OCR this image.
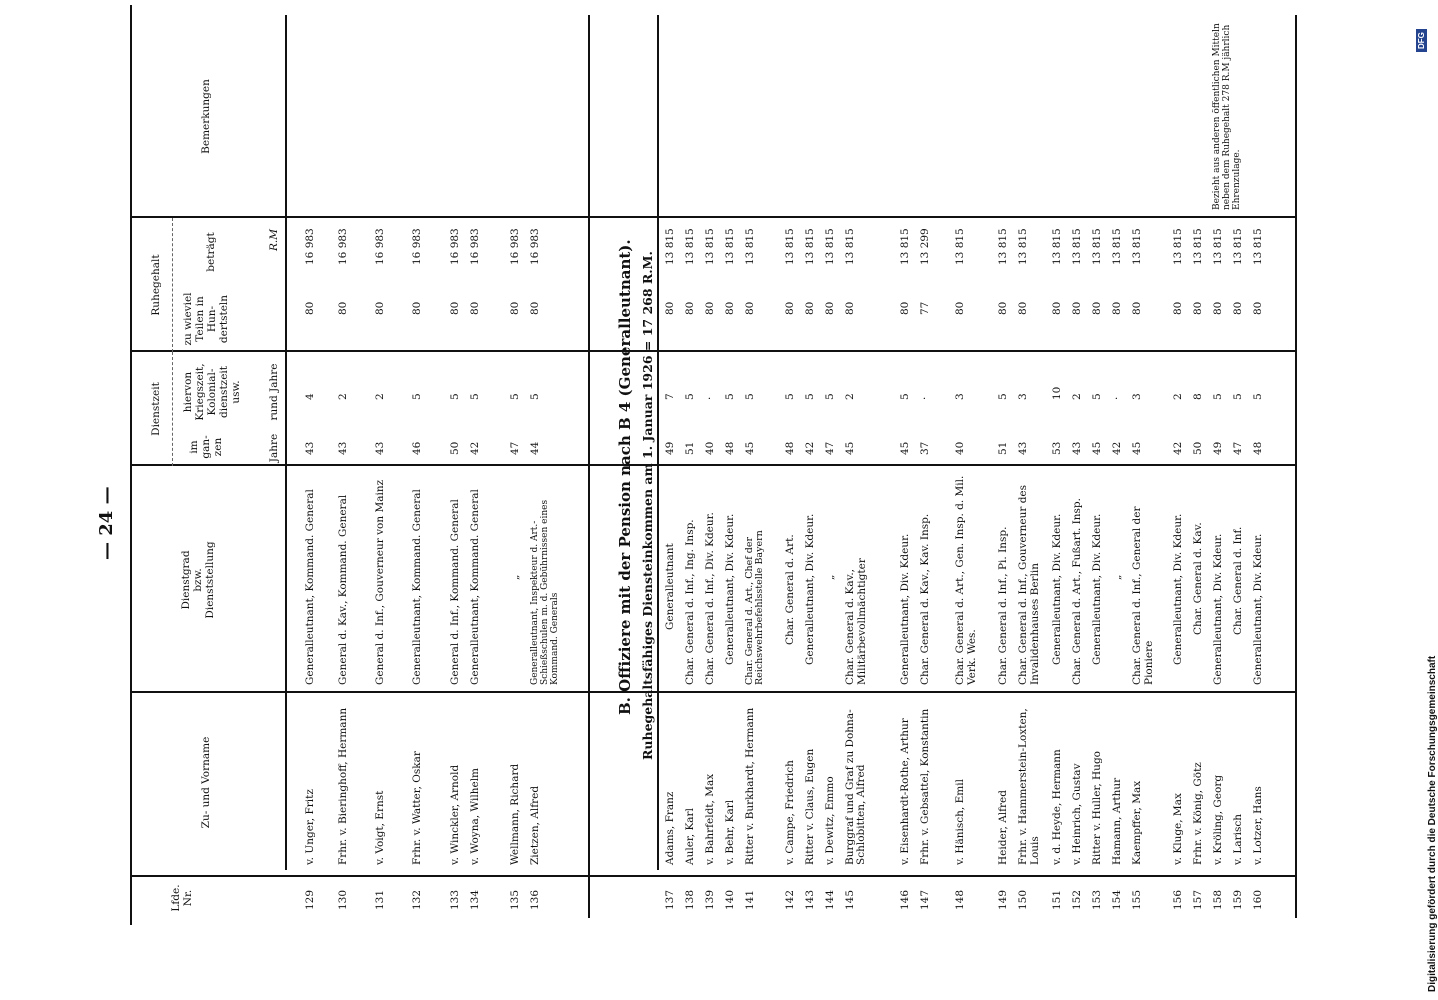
— 24 —
Lfde. Nr.
Zu- und Vorname
Dienstgrad bzw. Dienststellung
Dienstzeit
im gan- zen
hiervon Kriegszeit, Kolonial- dienstzeit usw.
Jahre
rund Jahre
Ruhegehalt
zu wieviel Teilen in Hun- dertsteln
beträgt	R.M
Bemerkungen
129
v. Unger, Fritz
Generalleutnant, Kommand. General
43
4
80
16 983
130
Frhr. v. Bieringhoff, Hermann
General d. Kav., Kommand. General
43
2
80
16 983
131
v. Voigt, Ernst
General d. Inf., Gouverneur von Mainz
43
2
80
16 983
132
Frhr. v. Watter, Oskar
Generalleutnant, Kommand. General
46
5
80
16 983
133
v. Winckler, Arnold
General d. Inf., Kommand. General
50
5
80
16 983
134
v. Woyna, Wilhelm
Generalleutnant, Kommand. General
42
5
80
16 983
135
Wellmann, Richard
„
47
5
80
16 983
136
Zietzen, Alfred
Generalleutnant, Inspekteur d. Art.-Schießschulen m. d. Gebührnissen eines Kommand. Generals
44
5
80
16 983	B. Offiziere mit der Pension nach B 4 (Generalleutnant). Ruhegehaltsfähiges Diensteinkommen am 1. Januar 1926 = 17 268 R.M.
137
Adams, Franz
Generalleutnant
49
7
80
13 815
138
Auler, Karl
Char. General d. Inf., Ing. Insp.
51
5
80
13 815
139
v. Bahrfeldt, Max
Char. General d. Inf., Div. Kdeur.
40
·
80
13 815
140
v. Behr, Karl
Generalleutnant, Div. Kdeur.
48
5
80
13 815
141
Ritter v. Burkhardt, Hermann
Char. General d. Art., Chef der Reichswehrbefehlsstelle Bayern
45
5
80
13 815
142
v. Campe, Friedrich
Char. General d. Art.
48
5
80
13 815
143
Ritter v. Claus, Eugen
Generalleutnant, Div. Kdeur.
42
5
80
13 815
144
v. Dewitz, Emmo
„
47
5
80
13 815
145
Burggraf und Graf zu Dohna-Schlobitten, Alfred
Char. General d. Kav., Militärbevollmächtigter
45
2
80
13 815
146
v. Eisenhardt-Rothe, Arthur
Generalleutnant, Div. Kdeur.
45
5
80
13 815
147
Frhr. v. Gebsattel, Konstantin
Char. General d. Kav., Kav. Insp.
37
·
77
13 299
148
v. Hänisch, Emil
Char. General d. Art., Gen. Insp. d. Mil. Verk. Wes.
40
3
80
13 815
149
Heider, Alfred
Char. General d. Inf., Pi. Insp.
51
5
80
13 815
150
Frhr. v. Hammerstein-Loxten, Louis
Char. General d. Inf., Gouverneur des Invalidenhauses Berlin
43
3
80
13 815
151
v. d. Heyde, Hermann
Generalleutnant, Div. Kdeur.
53
10
80
13 815
152
v. Heinrich, Gustav
Char. General d. Art., Fußart. Insp.
43
2
80
13 815
153
Ritter v. Huller, Hugo
Generalleutnant, Div. Kdeur.
45
5
80
13 815
154
Hamann, Arthur
„
42
·
80
13 815
155
Kaempffer, Max
Char. General d. Inf., General der Pioniere
45
3
80
13 815
156
v. Kluge, Max
Generalleutnant, Div. Kdeur.
42
2
80
13 815
157
Frhr. v. König, Götz
Char. General d. Kav.
50
8
80
13 815
158
v. Kröling, Georg
Generalleutnant, Div. Kdeur.
49
5
80
13 815
159
v. Larisch
Char. General d. Inf.
47
5
80
13 815
160
v. Lotzer, Hans
Generalleutnant, Div. Kdeur.
48
5
80
13 815
Bezieht aus anderen öffentlichen Mitteln neben dem Ruhegehalt 278 R.M jährlich Ehrenzulage.
Digitalisierung gefördert durch die Deutsche Forschungsgemeinschaft
DFG
